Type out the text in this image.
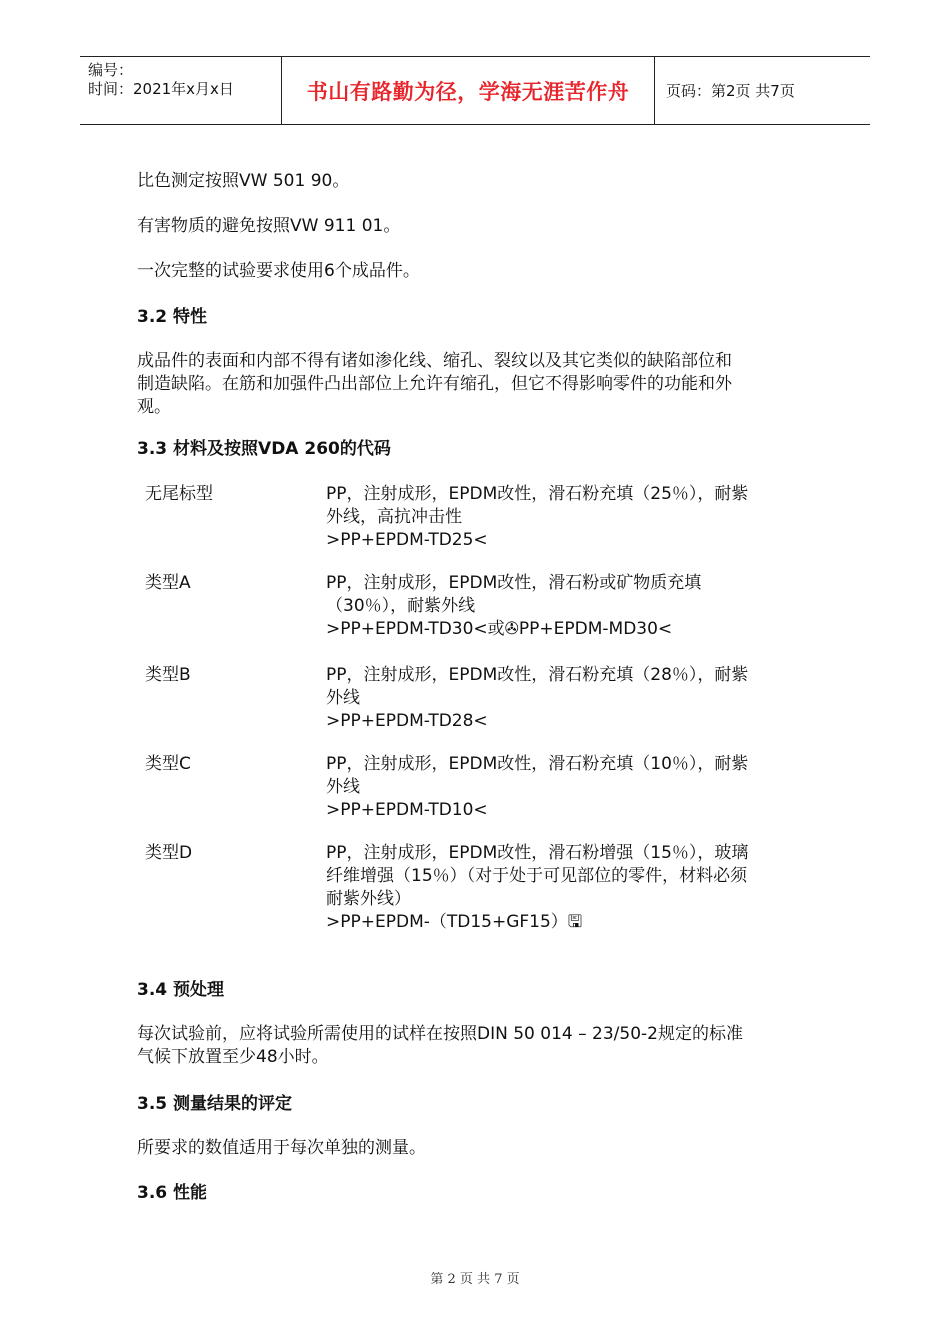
编号：
时间：2021年x月x日	书山有路勤为径，学海无涯苦作舟	页码：第2页 共7页
比色测定按照VW 501 90。
有害物质的避免按照VW 911 01。
一次完整的试验要求使用6个成品件。
3.2 特性
成品件的表面和内部不得有诸如渗化线、缩孔、裂纹以及其它类似的缺陷部位和
制造缺陷。在筋和加强件凸出部位上允许有缩孔，但它不得影响零件的功能和外
观。
3.3 材料及按照VDA 260的代码
无尾标型	PP，注射成形，EPDM改性，滑石粉充填（25％），耐紫
外线，高抗冲击性
>PP+EPDM-TD25<
类型A	PP，注射成形，EPDM改性，滑石粉或矿物质充填
（30％），耐紫外线
>PP+EPDM-TD30<或✇PP+EPDM-MD30<
类型B	PP，注射成形，EPDM改性，滑石粉充填（28％），耐紫
外线
>PP+EPDM-TD28<
类型C	PP，注射成形，EPDM改性，滑石粉充填（10％），耐紫
外线
>PP+EPDM-TD10<
类型D	PP，注射成形，EPDM改性，滑石粉增强（15％），玻璃
纤维增强（15％）（对于处于可见部位的零件，材料必须
耐紫外线）
>PP+EPDM-（TD15+GF15）🖫
3.4 预处理
每次试验前，应将试验所需使用的试样在按照DIN 50 014 – 23/50-2规定的标准
气候下放置至少48小时。
3.5 测量结果的评定
所要求的数值适用于每次单独的测量。
3.6 性能
第 2 页 共 7 页
